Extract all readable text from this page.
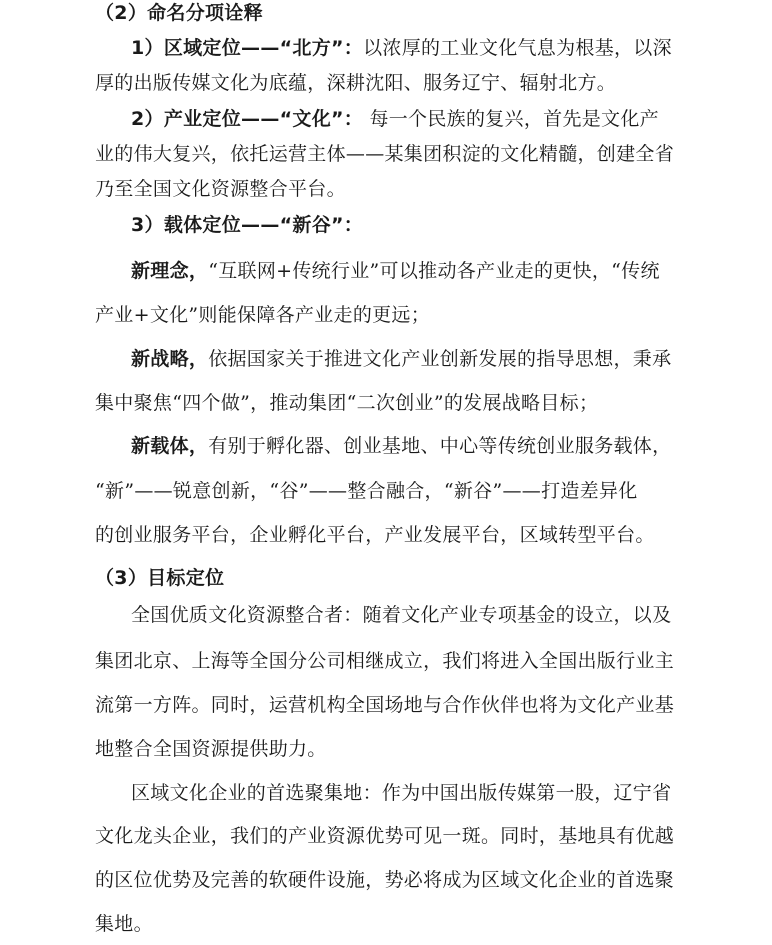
（2）命名分项诠释
1）区域定位——“北方”：以浓厚的工业文化气息为根基，以深
厚的出版传媒文化为底蕴，深耕沈阳、服务辽宁、辐射北方。
2）产业定位——“文化”： 每一个民族的复兴，首先是文化产
业的伟大复兴，依托运营主体——某集团积淀的文化精髓，创建全省
乃至全国文化资源整合平台。
3）载体定位——“新谷”：
新理念，“互联网+传统行业”可以推动各产业走的更快，“传统
产业+文化”则能保障各产业走的更远；
新战略，依据国家关于推进文化产业创新发展的指导思想，秉承
集中聚焦“四个做”，推动集团“二次创业”的发展战略目标；
新载体，有别于孵化器、创业基地、中心等传统创业服务载体，
“新”——锐意创新，“谷”——整合融合，“新谷”——打造差异化
的创业服务平台，企业孵化平台，产业发展平台，区域转型平台。
（3）目标定位
全国优质文化资源整合者：随着文化产业专项基金的设立，以及
集团北京、上海等全国分公司相继成立，我们将进入全国出版行业主
流第一方阵。同时，运营机构全国场地与合作伙伴也将为文化产业基
地整合全国资源提供助力。
区域文化企业的首选聚集地：作为中国出版传媒第一股，辽宁省
文化龙头企业，我们的产业资源优势可见一斑。同时，基地具有优越
的区位优势及完善的软硬件设施，势必将成为区域文化企业的首选聚
集地。
